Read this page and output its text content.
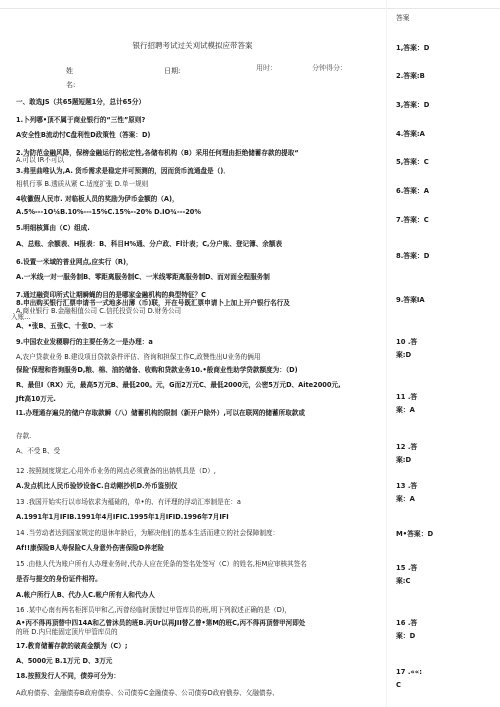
银行招聘考试过关刈试模拟应带答案
姓
名:
日期:	用时：	分钟得分：
一、敢选JS（共65题短题1分，总计65分）
1.卜列哪•顶不属于商业银行的“三性”原则?
A安全性B流动忖C盘利性D政策性（答案：D)
2.为防范金融风降，保榜金融运行的松定性,各储布机构（B）采用任何理由拒绝储蓄存款的提取“
A.可以 IR不可以
3.弗里曲唯认为,A. 货币需求是稳定并可预测的，因而货币流通盘是（)．
相机行事 B.透质从紧 C.适度扩张 D.单一规则
4收徽假人民市. 对临板人员的奖励为伊币金额的（A)，
A.5%---1O¼B.10%---15%C.15%--20% D.IO¾---20%
5.明细核算由（C）组成.
A、总账、余额表、H报表：B、科目H%通、分户政、Fl计表；C,分户账、登记簿、余额表
6.设置一米域的普业网点,应实行（R)，
A.一米线一对一服务制B、零距离服务制C、一米线零距离服务制D、而对面全程服务制
7.通过融资印所式让期瞬蝇的目的是哪家金融机构的典型特征？C
8.申出购买银行汇票申请书一式地多出薄（币)联，开在号既汇票申请卜上加上开户银行名行及
A.商业银行 B.金融相值公司 C.信托投资公司 D.财务公司
入账...
A、•张B、五张C、十张D、一本
9.中国农业发稷聊行的主要任务之一是办理：a
A,农户贷款业务 B.建设项目贷款条件评估、咨询和担保工作C,政赞性出U业务的俩用
保险'保理和咨询服务D,粮、棉、油的储备、收购和贷款业务10.•般商业性助学贷款额度为：（D)
R、最但I（RX）元，最高5万元B、最低200。元，G而2万元C、最低2000元，公密5万元D、Aite2000元,
Jft高10万元.
I1.办理通存遍兑的储户存取款瞬（八）储蓄机构的限制（新开户除外）,可以在联网的储蓄所取款或
存款.
A、不受 B、受
12 .按照制度规定,心用外币业务的网点必须費备的出钠机具是（D）,
A.发点机比人民币验钞设备C.自动剛抄机D.外币鉴别仪
13 .我国开始实行以市场依求为蕴础的，单•的、有评理的浮动汇率制是在：a
A.1991年1月IFIB.1991年4月IFIC.1995年1月IFID.1996年7月IFI
14 .当劳动者达到国家规定的退休年龄后，为解决他们的基本生活而建立的社会保障制度：
Af!!康保险B人寿保险C人身意外伤害保险D养老险
15 .由他人代为账户所有人办理业务时,代办人应在凭条的签名处签写（C）的姓名,柜M应审核其签名
是否与提交的身份证件相符。
A.帐户所行人B、代办人C.帐户所有人和代办人
16 .某中心南有两名柜挥员甲和乙,丙曾经临时顶替过甲管库员的班,明下列叙述正确的是（D)，
A•丙不得再顶替中四14A和乙曾沐员的班B.丙Ur以再JII替乙曾•第M的班C,丙不得再顶替甲河即处
的班 D.内只能固定顶片甲管库员的
17.教育储蓄存款的破高金额为（C）;
A、5000元 B.1万元 D、3万元
18.按照发行人不同，债券可分为：
A政府债券、金融债券B政府债券、公司债券C金融债券、公司债券D政府俄券、攵融债券、
答案
1,答案：D
2.答案:B
3,答案：D
4.答案:A
5,答案：C
6.答案：A
7.答案：C
8.答案：D
9.答案IA
10 .答
案:D
11 .答
案：A
12 .答
案:D
13 .答
案：A
M•答案：D
15 .答
案:C
16 .答
案：D
17 .««:
C
